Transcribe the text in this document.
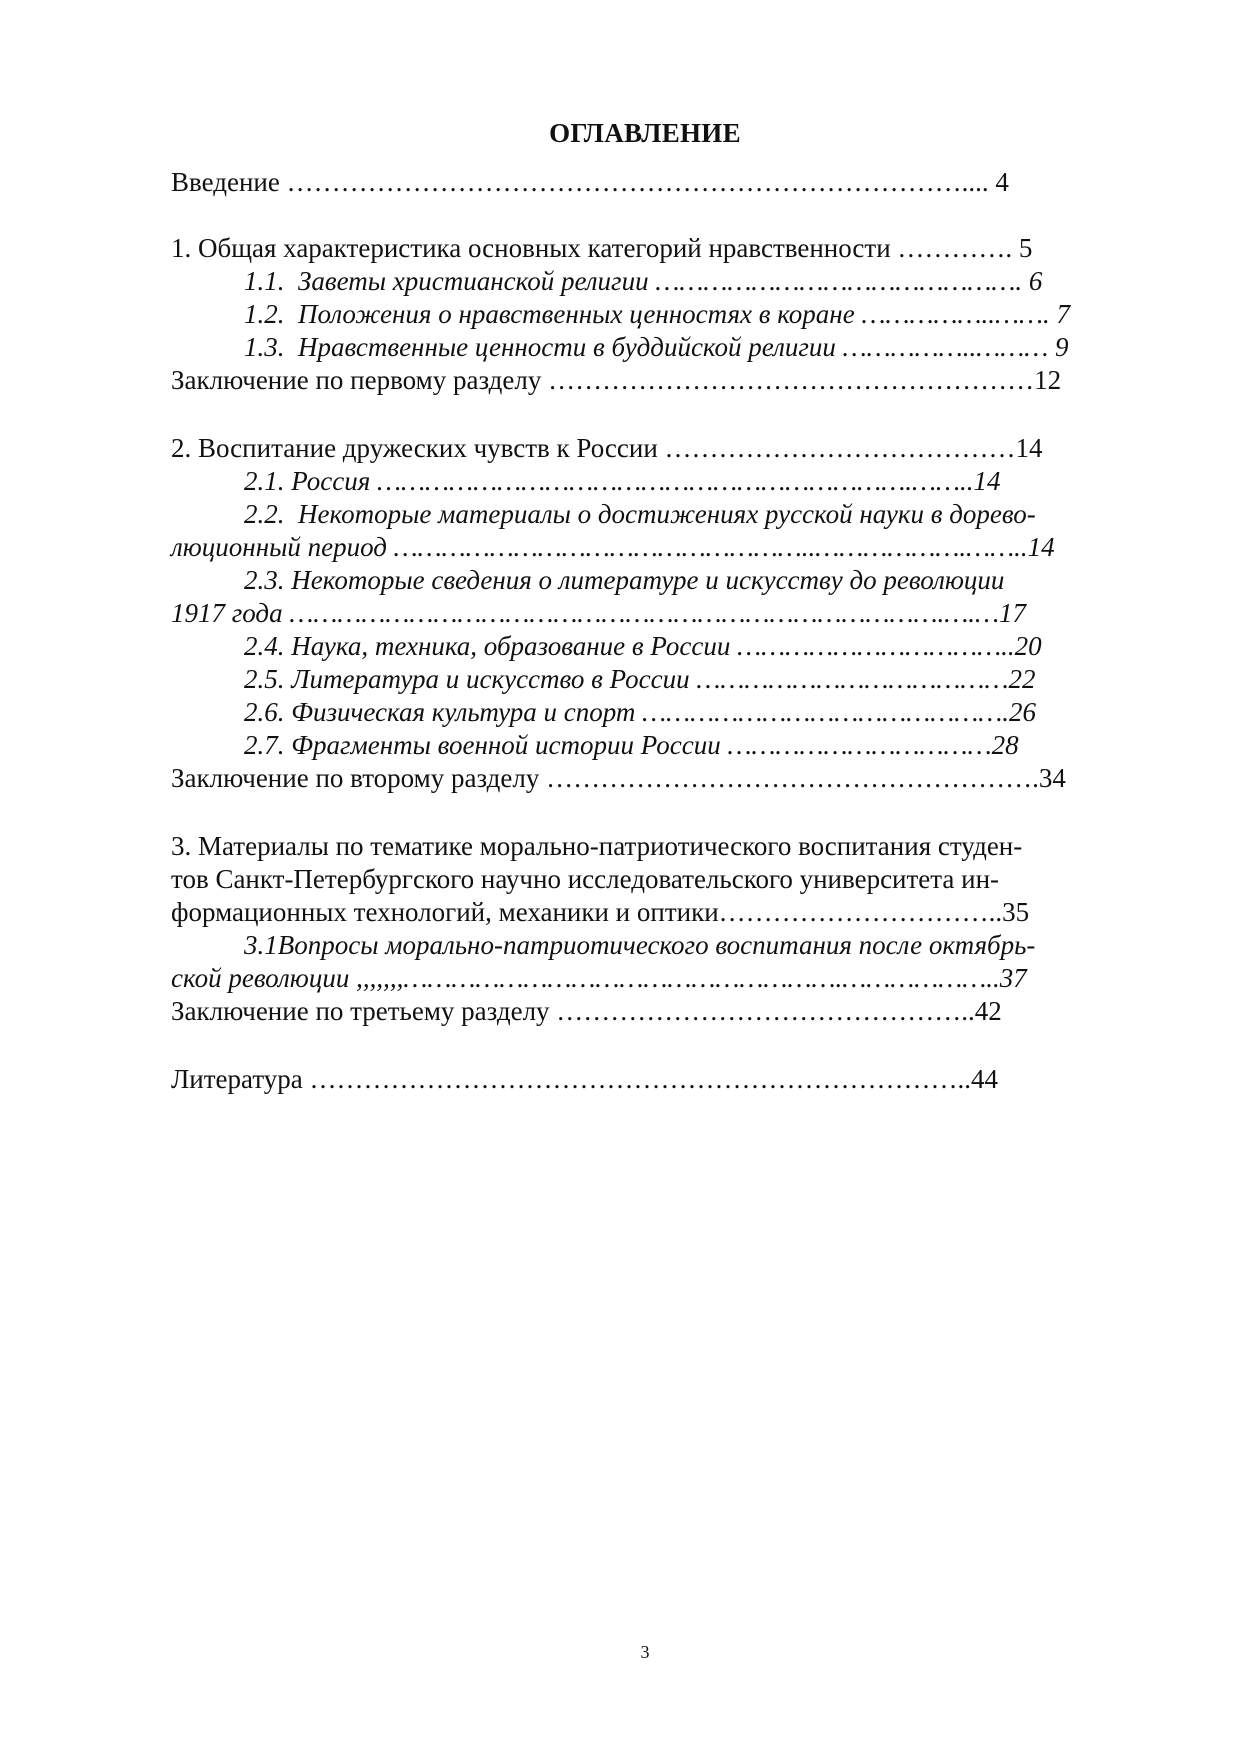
ОГЛАВЛЕНИЕ
Введение ………………………………………………………………….... 4
1. Общая характеристика основных категорий нравственности …………. 5
1.1.  Заветы христианской религии ………………………………………. 6
1.2.  Положения о нравственных ценностях в коране ……………..……. 7
1.3.  Нравственные ценности в буддийской религии ……………..……… 9
Заключение по первому разделу ………………………………………………12
2. Воспитание дружеских чувств к России …………………………………14
2.1. Россия ………………………………………………………….……..14
2.2.  Некоторые материалы о достижениях русской науки в дорево-
люционный период ……………………………………………..……………….……..14
2.3. Некоторые сведения о литературе и искусству до революции
1917 года ……………………………………………………………………….….…17
2.4. Наука, техника, образование в России ……………………………..20
2.5. Литература и искусство в России …………………………………22
2.6. Физическая культура и спорт ……………………………………….26
2.7. Фрагменты военной истории России ……………………………28
Заключение по второму разделу ……………………………………………….34
3. Материалы по тематике морально-патриотического воспитания студен-
тов Санкт-Петербургского научно исследовательского университета ин-
формационных технологий, механики и оптики…………………………..35
3.1Вопросы морально-патриотического воспитания после октябрь-
ской революции ,,,,,,,……………………………………………….………………..37
Заключение по третьему разделу ………………………………………..42
Литература ………………………………………………………………..44
3
